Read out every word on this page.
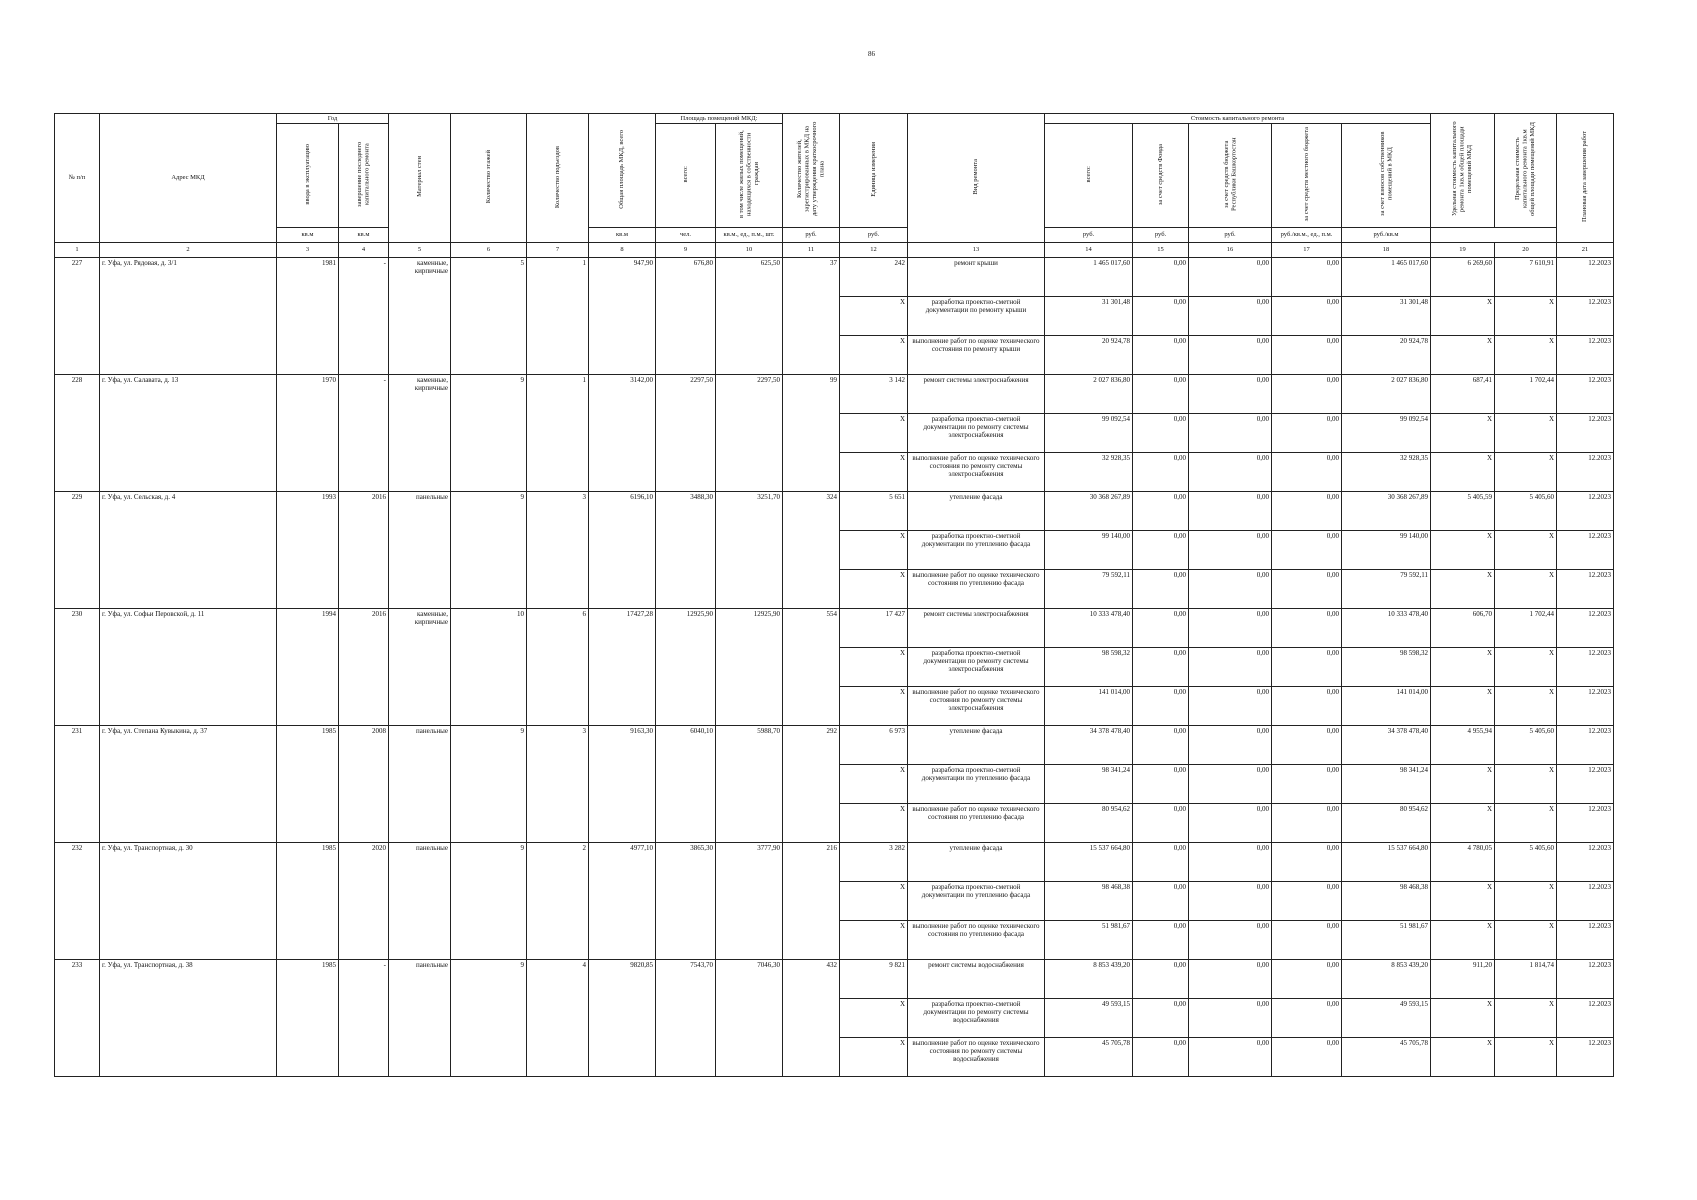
86
№ п/п	Адрес МКД	Год		Материал стен	Количество этажей	Количество подъездов	Общая площадь МКД, всего	Площадь помещений МКД:		Количество жителей, зарегистрированных в МКД на дату утверждения краткосрочного плана	Единица измерения	Вид ремонта	Стоимость капитального ремонта					Удельная стоимость капитального ремонта 1кв.м общей площади помещений МКД	Предельная стоимость капитального ремонта 1кв.м общей площади помещений МКД	Плановая дата завершения работ
		ввода в эксплуатацию	завершение последнего капитального ремонта					всего:	в том числе жилых помещений, находящихся в собственности граждан				всего:	за счет средств Фонда	за счет средств бюджета Республики Башкортостан	за счет средств местного бюджета	за счет взносов собственников помещений в МКД			
		кв.м	кв.м				кв.м	чел.	кв.м., ед., п.м., шт.	руб.	руб.		руб.	руб.	руб.	руб./кв.м., ед., п.м.	руб./кв.м			
1	2	3	4	5	6	7	8	9	10	11	12	13	14	15	16	17	18	19	20	21
227	г. Уфа, ул. Рядовая, д. 3/1	1981	-	каменные, кирпичные	5	1	947,90	676,80	625,50	37	242	ремонт крыши	1 465 017,60	0,00	0,00	0,00	1 465 017,60	6 269,60	7 610,91	12.2023
											Х	разработка проектно-сметной документации по ремонту крыши	31 301,48	0,00	0,00	0,00	31 301,48	Х	Х	12.2023
											Х	выполнение работ по оценке технического состояния по ремонту крыши	20 924,78	0,00	0,00	0,00	20 924,78	Х	Х	12.2023
228	г. Уфа, ул. Салавата, д. 13	1970	-	каменные, кирпичные	9	1	3142,00	2297,50	2297,50	99	3 142	ремонт системы электроснабжения	2 027 836,80	0,00	0,00	0,00	2 027 836,80	687,41	1 702,44	12.2023
											Х	разработка проектно-сметной документации по ремонту системы электроснабжения	99 092,54	0,00	0,00	0,00	99 092,54	Х	Х	12.2023
											Х	выполнение работ по оценке технического состояния по ремонту системы электроснабжения	32 928,35	0,00	0,00	0,00	32 928,35	Х	Х	12.2023
229	г. Уфа, ул. Сельская, д. 4	1993	2016	панельные	9	3	6196,10	3488,30	3251,70	324	5 651	утепление фасада	30 368 267,89	0,00	0,00	0,00	30 368 267,89	5 405,59	5 405,60	12.2023
											Х	разработка проектно-сметной документации по утеплению фасада	99 140,00	0,00	0,00	0,00	99 140,00	Х	Х	12.2023
											Х	выполнение работ по оценке технического состояния по утеплению фасада	79 592,11	0,00	0,00	0,00	79 592,11	Х	Х	12.2023
230	г. Уфа, ул. Софьи Перовской, д. 11	1994	2016	каменные, кирпичные	10	6	17427,28	12925,90	12925,90	554	17 427	ремонт системы электроснабжения	10 333 478,40	0,00	0,00	0,00	10 333 478,40	606,70	1 702,44	12.2023
											Х	разработка проектно-сметной документации по ремонту системы электроснабжения	98 598,32	0,00	0,00	0,00	98 598,32	Х	Х	12.2023
											Х	выполнение работ по оценке технического состояния по ремонту системы электроснабжения	141 014,00	0,00	0,00	0,00	141 014,00	Х	Х	12.2023
231	г. Уфа, ул. Степана Кувыкина, д. 37	1985	2008	панельные	9	3	9163,30	6040,10	5988,70	292	6 973	утепление фасада	34 378 478,40	0,00	0,00	0,00	34 378 478,40	4 955,94	5 405,60	12.2023
											Х	разработка проектно-сметной документации по утеплению фасада	98 341,24	0,00	0,00	0,00	98 341,24	Х	Х	12.2023
											Х	выполнение работ по оценке технического состояния по утеплению фасада	80 954,62	0,00	0,00	0,00	80 954,62	Х	Х	12.2023
232	г. Уфа, ул. Транспортная, д. 30	1985	2020	панельные	9	2	4977,10	3865,30	3777,90	216	3 282	утепление фасада	15 537 664,80	0,00	0,00	0,00	15 537 664,80	4 780,05	5 405,60	12.2023
											Х	разработка проектно-сметной документации по утеплению фасада	98 468,38	0,00	0,00	0,00	98 468,38	Х	Х	12.2023
											Х	выполнение работ по оценке технического состояния по утеплению фасада	51 981,67	0,00	0,00	0,00	51 981,67	Х	Х	12.2023
233	г. Уфа, ул. Транспортная, д. 38	1985	-	панельные	9	4	9820,85	7543,70	7046,30	432	9 821	ремонт системы водоснабжения	8 853 439,20	0,00	0,00	0,00	8 853 439,20	911,20	1 814,74	12.2023
											Х	разработка проектно-сметной документации по ремонту системы водоснабжения	49 593,15	0,00	0,00	0,00	49 593,15	Х	Х	12.2023
											Х	выполнение работ по оценке технического состояния по ремонту системы водоснабжения	45 705,78	0,00	0,00	0,00	45 705,78	Х	Х	12.2023
